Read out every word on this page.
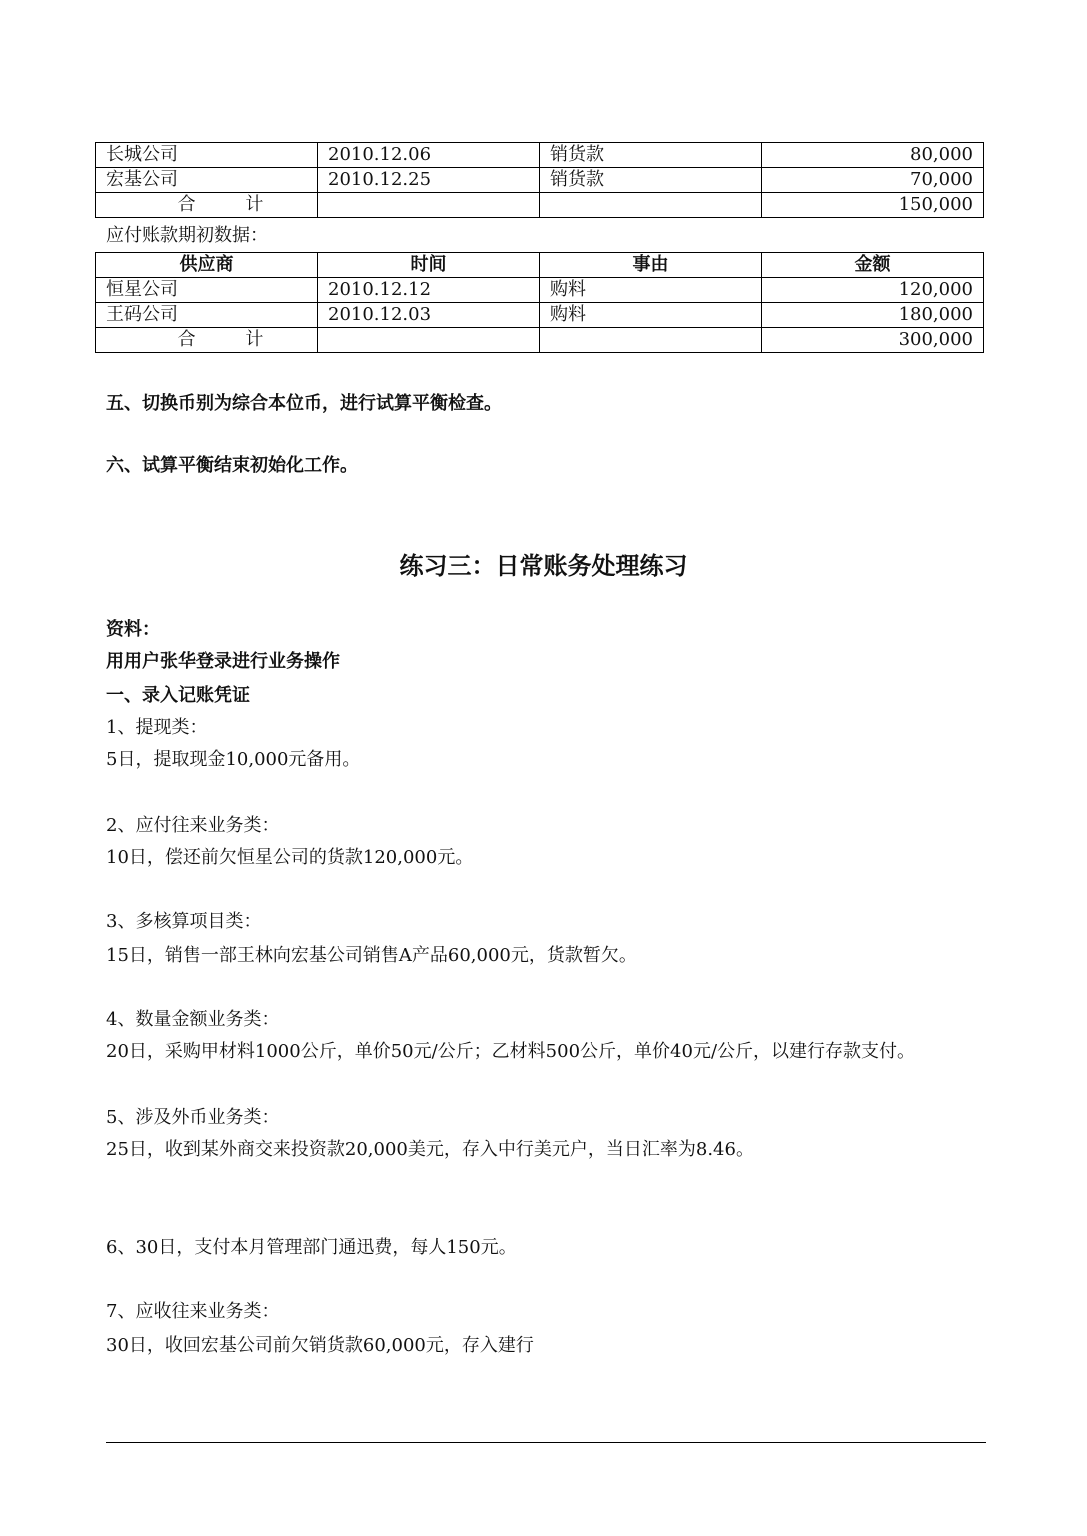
长城公司	2010.12.06	销货款	80,000
宏基公司	2010.12.25	销货款	70,000
合 计			150,000
应付账款期初数据：
供应商	时间	事由	金额
恒星公司	2010.12.12	购料	120,000
王码公司	2010.12.03	购料	180,000
合 计			300,000
五、切换币别为综合本位币，进行试算平衡检查。
六、试算平衡结束初始化工作。
练习三：日常账务处理练习
资料：
用用户张华登录进行业务操作
一、录入记账凭证
1、提现类：
5日，提取现金10,000元备用。
2、应付往来业务类：
10日，偿还前欠恒星公司的货款120,000元。
3、多核算项目类：
15日，销售一部王林向宏基公司销售A产品60,000元，货款暂欠。
4、数量金额业务类：
20日，采购甲材料1000公斤，单价50元/公斤；乙材料500公斤，单价40元/公斤，以建行存款支付。
5、涉及外币业务类：
25日，收到某外商交来投资款20,000美元，存入中行美元户，当日汇率为8.46。
6、30日，支付本月管理部门通迅费，每人150元。
7、应收往来业务类：
30日，收回宏基公司前欠销货款60,000元，存入建行
